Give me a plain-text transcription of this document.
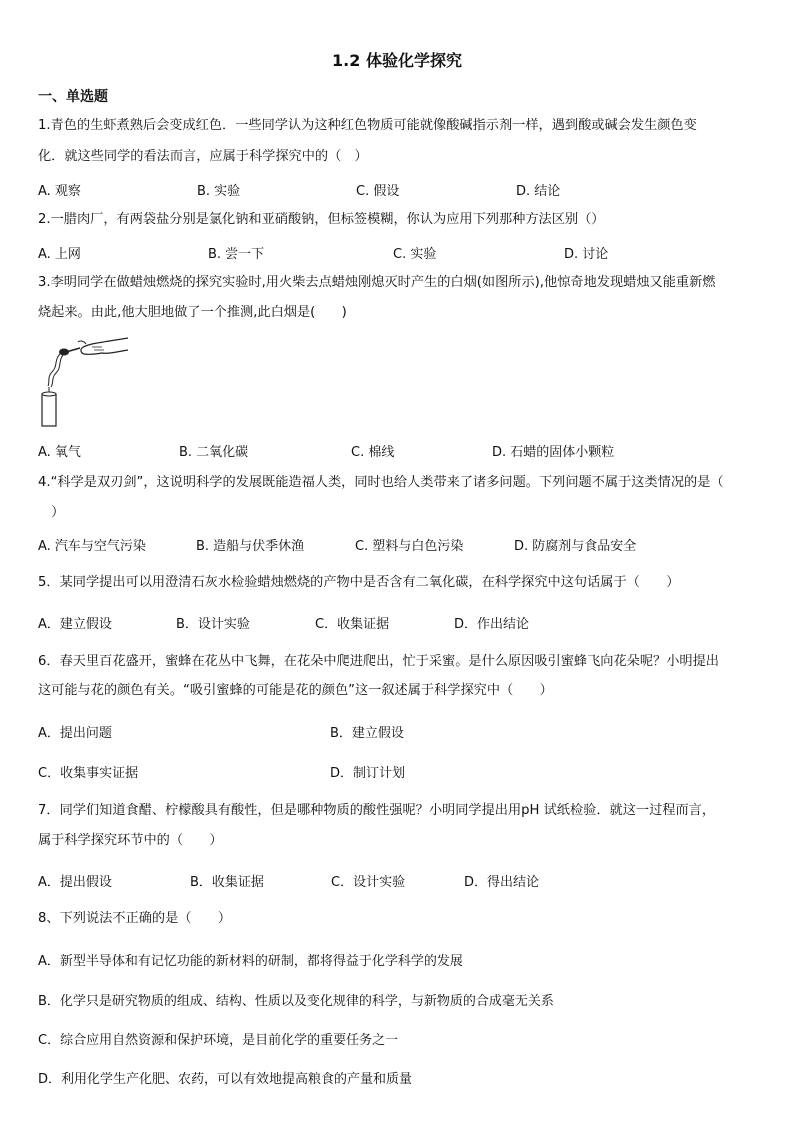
1.2 体验化学探究
一、单选题
1.青色的生虾煮熟后会变成红色．一些同学认为这种红色物质可能就像酸碱指示剂一样，遇到酸或碱会发生颜色变
化．就这些同学的看法而言，应属于科学探究中的（　）
A. 观察	B. 实验	C. 假设	D. 结论
2.一腊肉厂，有两袋盐分别是氯化钠和亚硝酸钠，但标签模糊，你认为应用下列那种方法区别（）
A. 上网	B. 尝一下	C. 实验	D. 讨论
3.李明同学在做蜡烛燃烧的探究实验时,用火柴去点蜡烛刚熄灭时产生的白烟(如图所示),他惊奇地发现蜡烛又能重新燃
烧起来。由此,他大胆地做了一个推测,此白烟是(　　)
A. 氧气	B. 二氧化碳	C. 棉线	D. 石蜡的固体小颗粒
4.“科学是双刃剑”，这说明科学的发展既能造福人类，同时也给人类带来了诸多问题。下列问题不属于这类情况的是（
　）
A. 汽车与空气污染	B. 造船与伏季休渔	C. 塑料与白色污染	D. 防腐剂与食品安全
5．某同学提出可以用澄清石灰水检验蜡烛燃烧的产物中是否含有二氧化碳，在科学探究中这句话属于（　　）
A．建立假设	B．设计实验	C．收集证据	D．作出结论
6．春天里百花盛开，蜜蜂在花丛中飞舞，在花朵中爬进爬出，忙于采蜜。是什么原因吸引蜜蜂飞向花朵呢？小明提出
这可能与花的颜色有关。“吸引蜜蜂的可能是花的颜色”这一叙述属于科学探究中（　　）
A．提出问题	B．建立假设
C．收集事实证据	D．制订计划
7．同学们知道食醋、柠檬酸具有酸性，但是哪种物质的酸性强呢？小明同学提出用pH 试纸检验．就这一过程而言，
属于科学探究环节中的（　　）
A．提出假设	B．收集证据	C．设计实验	D．得出结论
8、下列说法不正确的是（　　）
A．新型半导体和有记忆功能的新材料的研制，都将得益于化学科学的发展
B．化学只是研究物质的组成、结构、性质以及变化规律的科学，与新物质的合成毫无关系
C．综合应用自然资源和保护环境，是目前化学的重要任务之一
D．利用化学生产化肥、农药，可以有效地提高粮食的产量和质量
